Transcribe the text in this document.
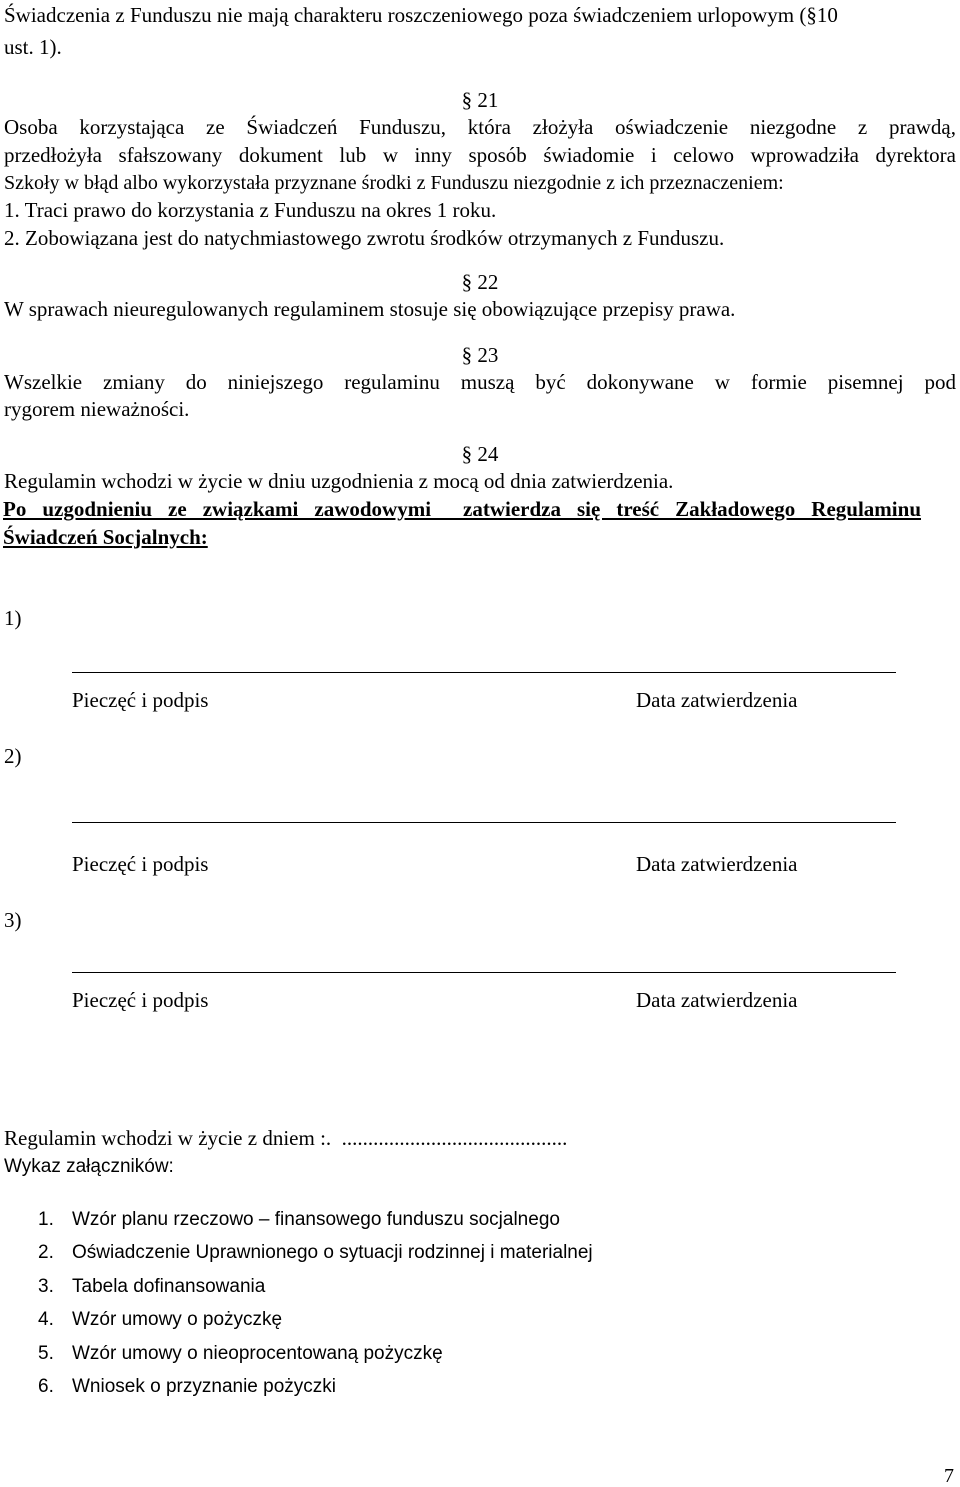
Świadczenia z Funduszu nie mają charakteru roszczeniowego poza świadczeniem urlopowym (§10
ust. 1).
§ 21
Osoba korzystająca ze Świadczeń Funduszu, która złożyła oświadczenie niezgodne z prawdą,
przedłożyła sfałszowany dokument lub w inny sposób świadomie i celowo wprowadziła dyrektora
Szkoły w błąd albo wykorzystała przyznane środki z Funduszu niezgodnie z ich przeznaczeniem:
1. Traci prawo do korzystania z Funduszu na okres 1 roku.
2. Zobowiązana jest do natychmiastowego zwrotu środków otrzymanych z Funduszu.
§ 22
W sprawach nieuregulowanych regulaminem stosuje się obowiązujące przepisy prawa.
§ 23
Wszelkie zmiany do niniejszego regulaminu muszą być dokonywane w formie pisemnej pod
rygorem nieważności.
§ 24
Regulamin wchodzi w życie w dniu uzgodnienia z mocą od dnia zatwierdzenia.
Po uzgodnieniu ze związkami zawodowymi  zatwierdza się treść Zakładowego Regulaminu
Świadczeń Socjalnych:
1)
Pieczęć i podpis	Data zatwierdzenia
2)
Pieczęć i podpis	Data zatwierdzenia
3)
Pieczęć i podpis	Data zatwierdzenia
Regulamin wchodzi w życie z dniem :.  ...........................................
Wykaz załączników:
1. Wzór planu rzeczowo – finansowego funduszu socjalnego
2. Oświadczenie Uprawnionego o sytuacji rodzinnej i materialnej
3. Tabela dofinansowania
4. Wzór umowy o pożyczkę
5. Wzór umowy o nieoprocentowaną pożyczkę
6. Wniosek o przyznanie pożyczki
7
